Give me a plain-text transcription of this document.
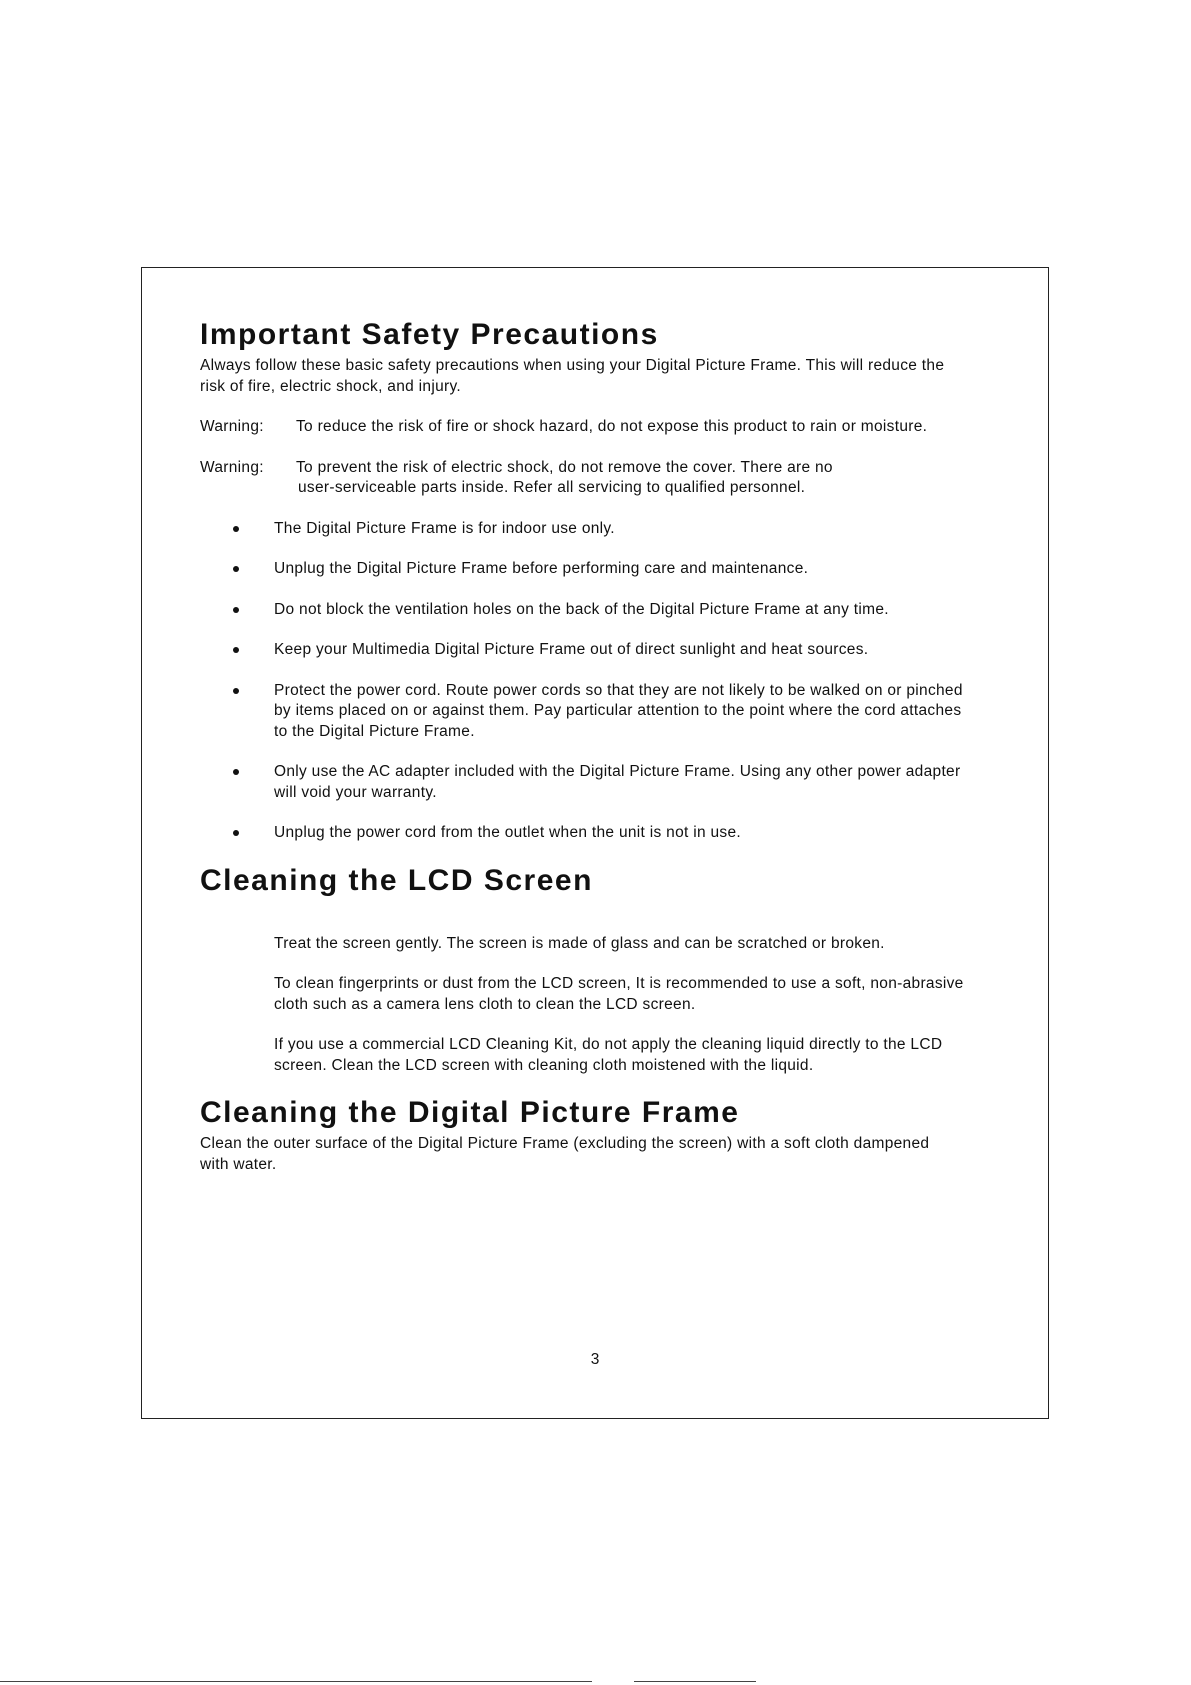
Important Safety Precautions

Always follow these basic safety precautions when using your Digital Picture Frame. This will reduce the risk of fire, electric shock, and injury.

Warning:	To reduce the risk of fire or shock hazard, do not expose this product to rain or moisture.
Warning:	To prevent the risk of electric shock, do not remove the cover. There are no
user-serviceable parts inside. Refer all servicing to qualified personnel.
The Digital Picture Frame is for indoor use only.
Unplug the Digital Picture Frame before performing care and maintenance.
Do not block the ventilation holes on the back of the Digital Picture Frame at any time.
Keep your Multimedia Digital Picture Frame out of direct sunlight and heat sources.
Protect the power cord. Route power cords so that they are not likely to be walked on or pinched by items placed on or against them. Pay particular attention to the point where the cord attaches to the Digital Picture Frame.
Only use the AC adapter included with the Digital Picture Frame. Using any other power adapter will void your warranty.
Unplug the power cord from the outlet when the unit is not in use.
Cleaning the LCD Screen

Treat the screen gently. The screen is made of glass and can be scratched or broken.

To clean fingerprints or dust from the LCD screen, It is recommended to use a soft, non-abrasive cloth such as a camera lens cloth to clean the LCD screen.

If you use a commercial LCD Cleaning Kit, do not apply the cleaning liquid directly to the LCD screen. Clean the LCD screen with cleaning cloth moistened with the liquid.

Cleaning the Digital Picture Frame

Clean the outer surface of the Digital Picture Frame (excluding the screen) with a soft cloth dampened with water.

3
